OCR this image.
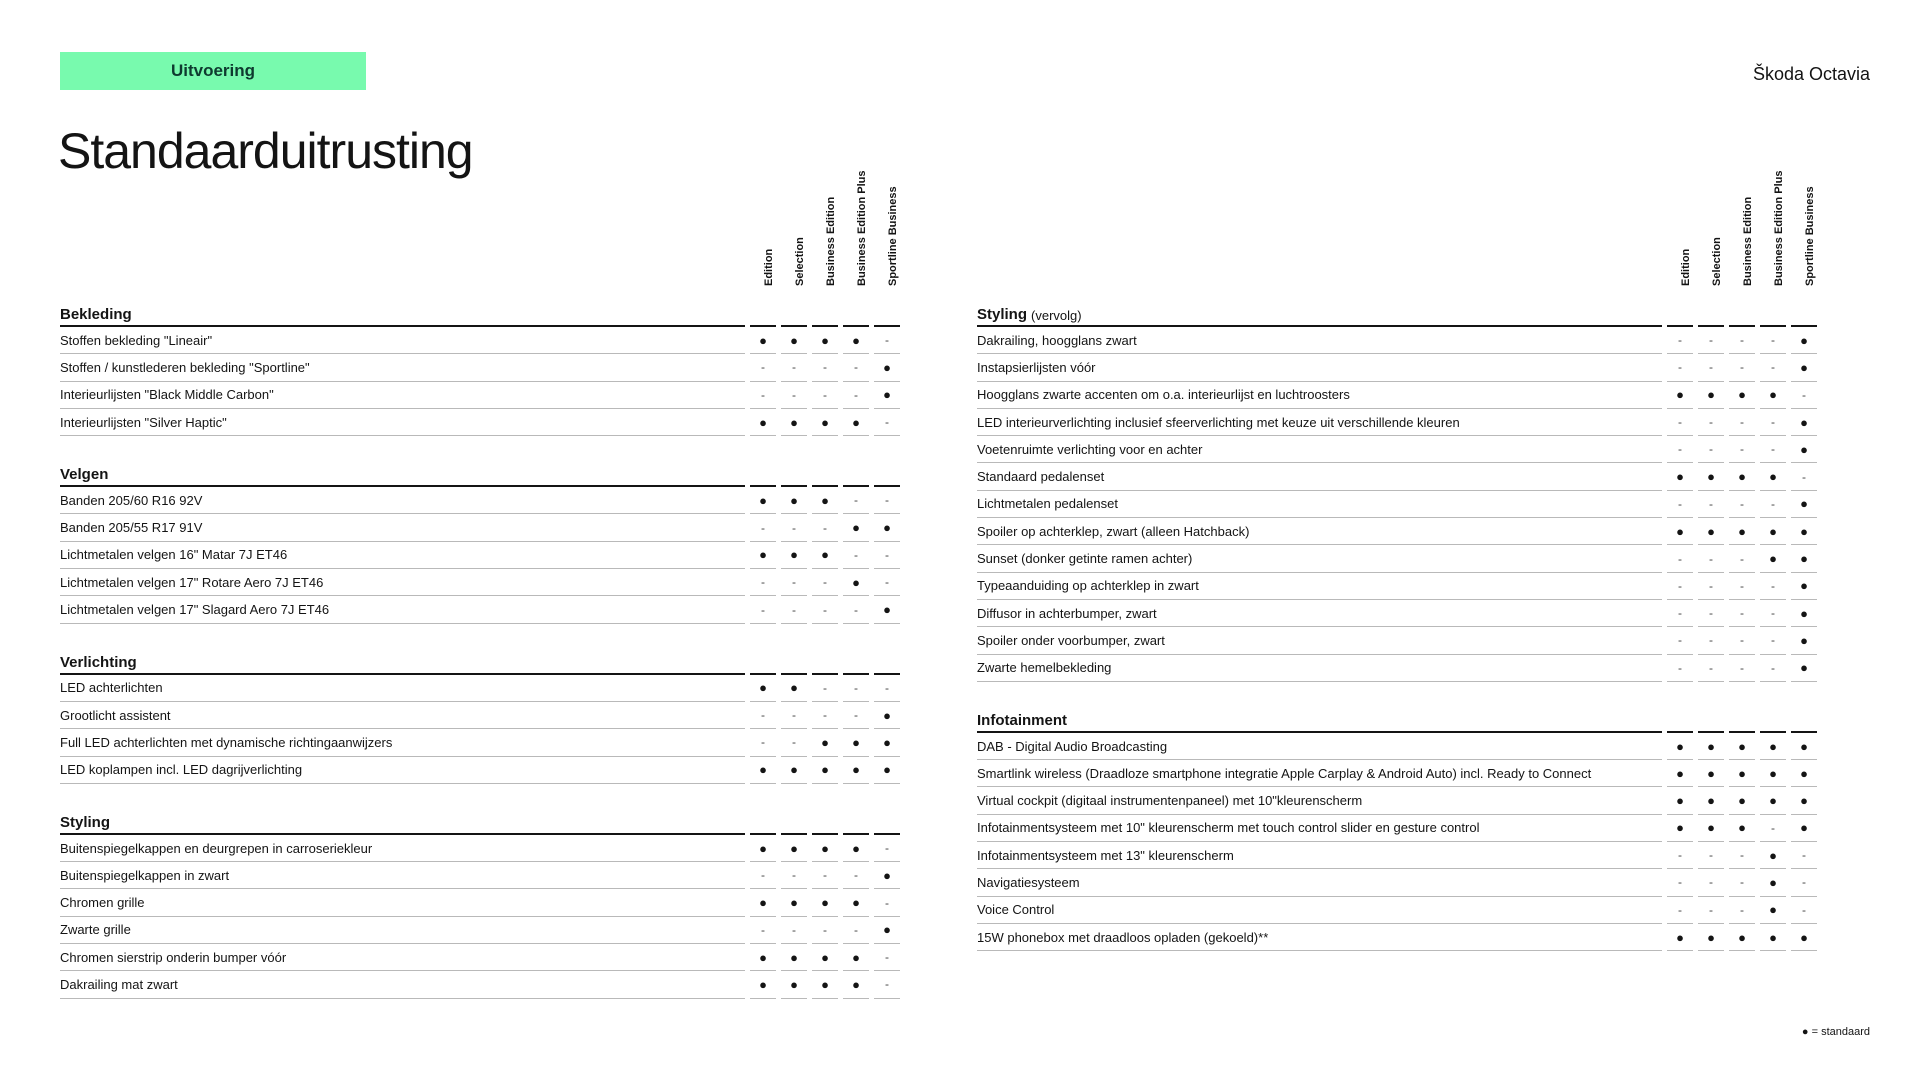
Uitvoering	Škoda Octavia
Standaarduitrusting
Edition Selection Business Edition Business Edition Plus Sportline Business
Bekleding
Stoffen bekleding "Lineair"	●	●	●	●	-
Stoffen / kunstlederen bekleding "Sportline"	-	-	-	-	●
Interieurlijsten "Black Middle Carbon"	-	-	-	-	●
Interieurlijsten "Silver Haptic"	●	●	●	●	-
Velgen
Banden 205/60 R16 92V	●	●	●	-	-
Banden 205/55 R17 91V	-	-	-	●	●
Lichtmetalen velgen 16" Matar 7J ET46	●	●	●	-	-
Lichtmetalen velgen 17" Rotare Aero 7J ET46	-	-	-	●	-
Lichtmetalen velgen 17" Slagard Aero 7J ET46	-	-	-	-	●
Verlichting
LED achterlichten	●	●	-	-	-
Grootlicht assistent	-	-	-	-	●
Full LED achterlichten met dynamische richtingaanwijzers	-	-	●	●	●
LED koplampen incl. LED dagrijverlichting	●	●	●	●	●
Styling
Buitenspiegelkappen en deurgrepen in carroseriekleur	●	●	●	●	-
Buitenspiegelkappen in zwart	-	-	-	-	●
Chromen grille	●	●	●	●	-
Zwarte grille	-	-	-	-	●
Chromen sierstrip onderin bumper vóór	●	●	●	●	-
Dakrailing mat zwart	●	●	●	●	-
Edition Selection Business Edition Business Edition Plus Sportline Business
Styling (vervolg)
Dakrailing, hoogglans zwart	-	-	-	-	●
Instapsierlijsten vóór	-	-	-	-	●
Hoogglans zwarte accenten om o.a. interieurlijst en luchtroosters	●	●	●	●	-
LED interieurverlichting inclusief sfeerverlichting met keuze uit verschillende kleuren	-	-	-	-	●
Voetenruimte verlichting voor en achter	-	-	-	-	●
Standaard pedalenset	●	●	●	●	-
Lichtmetalen pedalenset	-	-	-	-	●
Spoiler op achterklep, zwart (alleen Hatchback)	●	●	●	●	●
Sunset (donker getinte ramen achter)	-	-	-	●	●
Typeaanduiding op achterklep in zwart	-	-	-	-	●
Diffusor in achterbumper, zwart	-	-	-	-	●
Spoiler onder voorbumper, zwart	-	-	-	-	●
Zwarte hemelbekleding	-	-	-	-	●
Infotainment
DAB - Digital Audio Broadcasting	●	●	●	●	●
Smartlink wireless (Draadloze smartphone integratie Apple Carplay & Android Auto) incl. Ready to Connect	●	●	●	●	●
Virtual cockpit (digitaal instrumentenpaneel) met 10"kleurenscherm	●	●	●	●	●
Infotainmentsysteem met 10" kleurenscherm met touch control slider en gesture control	●	●	●	-	●
Infotainmentsysteem met 13" kleurenscherm	-	-	-	●	-
Navigatiesysteem	-	-	-	●	-
Voice Control	-	-	-	●	-
15W phonebox met draadloos opladen (gekoeld)**	●	●	●	●	●
● = standaard
